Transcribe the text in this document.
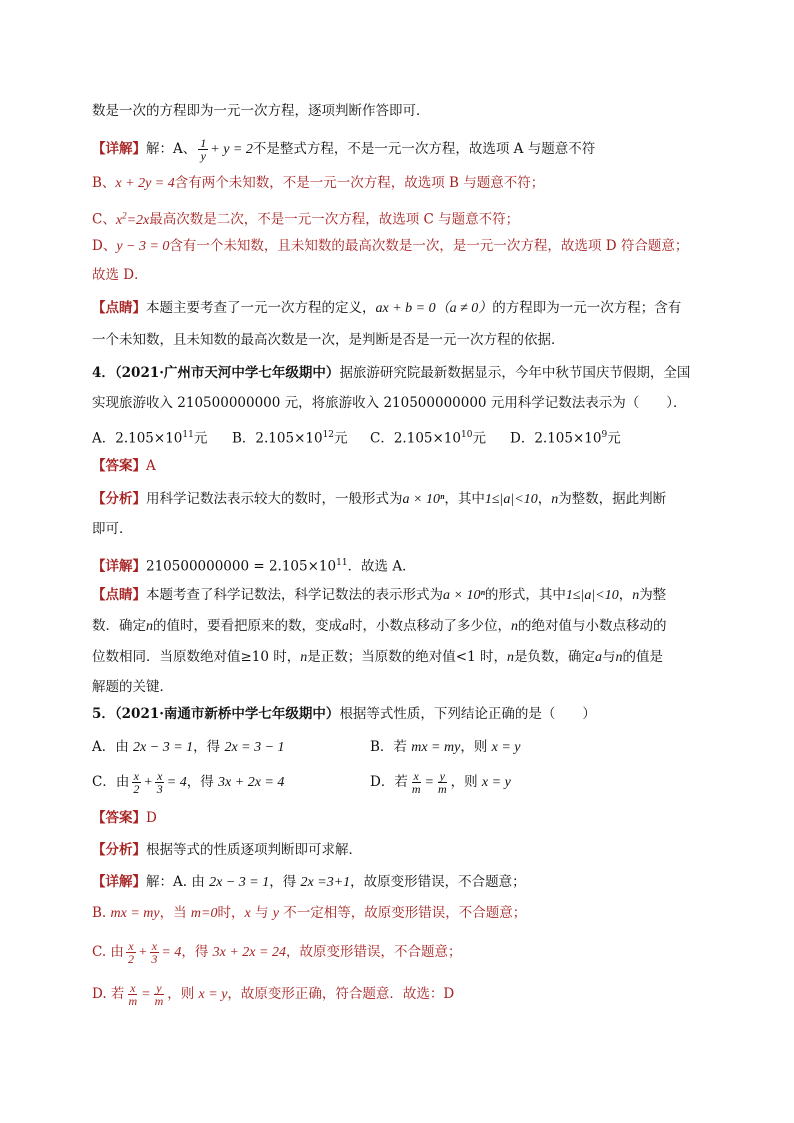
数是一次的方程即为一元一次方程，逐项判断作答即可．
【详解】解：A、 $\frac{1}{y} + y = 2$不是整式方程，不是一元一次方程，故选项 A 与题意不符
B、x + 2y = 4含有两个未知数，不是一元一次方程，故选项 B 与题意不符；
C、$x^2=2x$最高次数是二次，不是一元一次方程，故选项 C 与题意不符；
D、y − 3 = 0含有一个未知数，且未知数的最高次数是一次，是一元一次方程，故选项 D 符合题意；
故选 D．
【点睛】本题主要考查了一元一次方程的定义，ax + b = 0（a ≠ 0）的方程即为一元一次方程；含有
一个未知数，且未知数的最高次数是一次，是判断是否是一元一次方程的依据．
4．（2021·广州市天河中学七年级期中）据旅游研究院最新数据显示，今年中秋节国庆节假期，全国
实现旅游收入 210500000000 元，将旅游收入 210500000000 元用科学记数法表示为（　　）．
A．$2.105\times 10^{11}$元 B．$2.105\times 10^{12}$元 C．$2.105\times 10^{10}$元 D．$2.105\times 10^9$元
【答案】A
【分析】用科学记数法表示较大的数时，一般形式为a × 10ⁿ，其中1≤|a|<10，n为整数，据此判断
即可．
【详解】$210500000000 = 2.105\times 10^{11}$．故选 A．
【点睛】本题考查了科学记数法，科学记数法的表示形式为a × 10ⁿ的形式，其中1≤|a|<10，n为整
数．确定n的值时，要看把原来的数，变成a时，小数点移动了多少位，n的绝对值与小数点移动的
位数相同．当原数绝对值≥10 时，n是正数；当原数的绝对值<1 时，n是负数，确定a与n的值是
解题的关键．
5．（2021·南通市新桥中学七年级期中）根据等式性质，下列结论正确的是（　　）
A．由 2x − 3 = 1，得 2x = 3 − 1	B．若 mx = my，则 x = y
C．由 $\frac{x}{2} + \frac{x}{3} = 4$，得 3x + 2x = 4	D．若 $\frac{x}{m} = \frac{y}{m}$ ，则 x = y
【答案】D
【分析】根据等式的性质逐项判断即可求解．
【详解】解：A. 由 2x − 3 = 1，得 2x =3+1，故原变形错误，不合题意；
B. mx = my，当 m=0时，x 与 y 不一定相等，故原变形错误，不合题意；
C. 由 $\frac{x}{2} + \frac{x}{3} = 4$，得 3x + 2x = 24，故原变形错误，不合题意；
D. 若 $\frac{x}{m} = \frac{y}{m}$ ，则 x = y，故原变形正确，符合题意．故选：D
